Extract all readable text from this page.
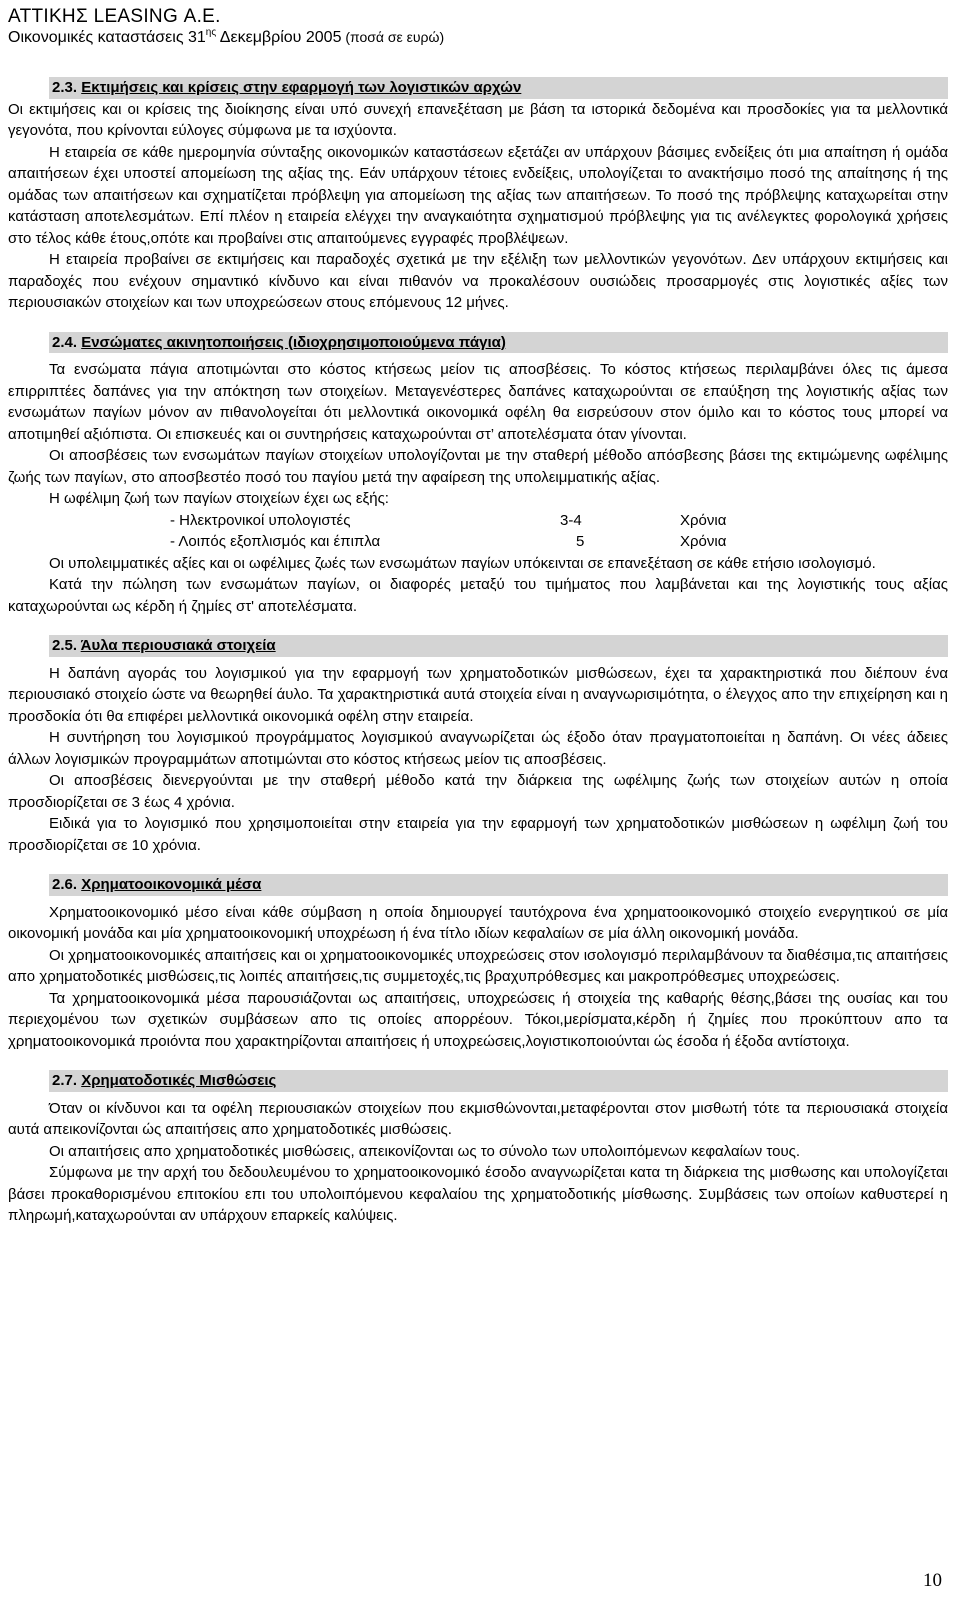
ΑΤΤΙΚΗΣ LEASING Α.Ε.
Οικονομικές καταστάσεις $31^{\eta\varsigma}$ Δεκεμβρίου 2005 (ποσά σε ευρώ)
2.3. Εκτιμήσεις και κρίσεις στην εφαρμογή των λογιστικών αρχών

Οι εκτιμήσεις και οι κρίσεις της διοίκησης είναι υπό συνεχή επανεξέταση με βάση τα ιστορικά δεδομένα και προσδοκίες για τα μελλοντικά γεγονότα, που κρίνονται εύλογες σύμφωνα με τα ισχύοντα.

Η εταιρεία σε κάθε ημερομηνία σύνταξης οικονομικών καταστάσεων εξετάζει αν υπάρχουν βάσιμες ενδείξεις ότι μια απαίτηση ή ομάδα απαιτήσεων έχει υποστεί απομείωση της αξίας της. Εάν υπάρχουν τέτοιες ενδείξεις, υπολογίζεται το ανακτήσιμο ποσό της απαίτησης ή της ομάδας των απαιτήσεων και σχηματίζεται πρόβλεψη για απομείωση της αξίας των απαιτήσεων. Το ποσό της πρόβλεψης καταχωρείται στην κατάσταση αποτελεσμάτων. Επί πλέον η εταιρεία ελέγχει την αναγκαιότητα σχηματισμού πρόβλεψης για τις ανέλεγκτες φορολογικά χρήσεις στο τέλος κάθε έτους,οπότε και προβαίνει στις απαιτούμενες εγγραφές προβλέψεων.

Η εταιρεία προβαίνει σε εκτιμήσεις και παραδοχές σχετικά με την εξέλιξη των μελλοντικών γεγονότων. Δεν υπάρχουν εκτιμήσεις και παραδοχές που ενέχουν σημαντικό κίνδυνο και είναι πιθανόν να προκαλέσουν ουσιώδεις προσαρμογές στις λογιστικές αξίες των περιουσιακών στοιχείων και των υποχρεώσεων στους επόμενους 12 μήνες.

2.4. Ενσώματες ακινητοποιήσεις (ιδιοχρησιμοποιούμενα πάγια)

Τα ενσώματα πάγια αποτιμώνται στο κόστος κτήσεως μείον τις αποσβέσεις. Το κόστος κτήσεως περιλαμβάνει όλες τις άμεσα επιρριπτέες δαπάνες για την απόκτηση των στοιχείων. Μεταγενέστερες δαπάνες καταχωρούνται σε επαύξηση της λογιστικής αξίας των ενσωμάτων παγίων μόνον αν πιθανολογείται ότι μελλοντικά οικονομικά οφέλη θα εισρεύσουν στον όμιλο και το κόστος τους μπορεί να αποτιμηθεί αξιόπιστα. Οι επισκευές και οι συντηρήσεις καταχωρούνται στ’ αποτελέσματα όταν γίνονται.

Οι αποσβέσεις των ενσωμάτων παγίων στοιχείων υπολογίζονται με την σταθερή μέθοδο απόσβεσης βάσει της εκτιμώμενης ωφέλιμης ζωής των παγίων, στο αποσβεστέο ποσό του παγίου μετά την αφαίρεση της υπολειμματικής αξίας.

Η ωφέλιμη ζωή των παγίων στοιχείων έχει ως εξής:

- Ηλεκτρονικοί υπολογιστές	3-4	Χρόνια
- Λοιπός εξοπλισμός και έπιπλα	5	Χρόνια

Οι υπολειμματικές αξίες και οι ωφέλιμες ζωές των ενσωμάτων παγίων υπόκεινται σε επανεξέταση σε κάθε ετήσιο ισολογισμό.

Κατά την πώληση των ενσωμάτων παγίων, οι διαφορές μεταξύ του τιμήματος που λαμβάνεται και της λογιστικής τους αξίας καταχωρούνται ως κέρδη ή ζημίες στ' αποτελέσματα.

2.5. Άυλα περιουσιακά στοιχεία

Η δαπάνη αγοράς του λογισμικού για την εφαρμογή των χρηματοδοτικών μισθώσεων, έχει τα χαρακτηριστικά που διέπουν ένα περιουσιακό στοιχείο ώστε να θεωρηθεί άυλο. Τα χαρακτηριστικά αυτά στοιχεία είναι η αναγνωρισιμότητα, ο έλεγχος απο την επιχείρηση και η προσδοκία ότι θα επιφέρει μελλοντικά οικονομικά οφέλη στην εταιρεία.

Η συντήρηση του λογισμικού προγράμματος λογισμικού αναγνωρίζεται ώς έξοδο όταν πραγματοποιείται η δαπάνη. Οι νέες άδειες άλλων λογισμικών προγραμμάτων αποτιμώνται στο κόστος κτήσεως μείον τις αποσβέσεις.

Οι αποσβέσεις διενεργούνται με την σταθερή μέθοδο κατά την διάρκεια της ωφέλιμης ζωής των στοιχείων αυτών η οποία προσδιορίζεται σε 3 έως 4 χρόνια.

Ειδικά για το λογισμικό που χρησιμοποιείται στην εταιρεία για την εφαρμογή των χρηματοδοτικών μισθώσεων η ωφέλιμη ζωή του προσδιορίζεται σε 10 χρόνια.

2.6. Χρηματοοικονομικά μέσα

Χρηματοοικονομικό μέσο είναι κάθε σύμβαση η οποία δημιουργεί ταυτόχρονα ένα χρηματοοικονομικό στοιχείο ενεργητικού σε μία οικονομική μονάδα και μία χρηματοοικονομική υποχρέωση ή ένα τίτλο ιδίων κεφαλαίων σε μία άλλη οικονομική μονάδα.

Οι χρηματοοικονομικές απαιτήσεις και οι χρηματοοικονομικές υποχρεώσεις στον ισολογισμό περιλαμβάνουν τα διαθέσιμα,τις απαιτήσεις απο χρηματοδοτικές μισθώσεις,τις λοιπές απαιτήσεις,τις συμμετοχές,τις βραχυπρόθεσμες και μακροπρόθεσμες υποχρεώσεις.

Τα χρηματοοικονομικά μέσα παρουσιάζονται ως απαιτήσεις, υποχρεώσεις ή στοιχεία της καθαρής θέσης,βάσει της ουσίας και του περιεχομένου των σχετικών συμβάσεων απο τις οποίες απορρέουν. Τόκοι,μερίσματα,κέρδη ή ζημίες που προκύπτουν απο τα χρηματοοικονομικά προιόντα που χαρακτηρίζονται απαιτήσεις ή υποχρεώσεις,λογιστικοποιούνται ώς έσοδα ή έξοδα αντίστοιχα.

2.7. Χρηματοδοτικές Μισθώσεις

Όταν οι κίνδυνοι και τα οφέλη περιουσιακών στοιχείων που εκμισθώνονται,μεταφέρονται στον μισθωτή τότε τα περιουσιακά στοιχεία αυτά απεικονίζονται ώς απαιτήσεις απο χρηματοδοτικές μισθώσεις.

Οι απαιτήσεις απο χρηματοδοτικές μισθώσεις, απεικονίζονται ως το σύνολο των υπολοιπόμενων κεφαλαίων τους.

Σύμφωνα με την αρχή του δεδουλευμένου το χρηματοοικονομικό έσοδο αναγνωρίζεται κατα τη διάρκεια της μισθωσης και υπολογίζεται βάσει προκαθορισμένου επιτοκίου επι του υπολοιπόμενου κεφαλαίου της χρηματοδοτικής μίσθωσης. Συμβάσεις των οποίων καθυστερεί η πληρωμή,καταχωρούνται αν υπάρχουν επαρκείς καλύψεις.

10
